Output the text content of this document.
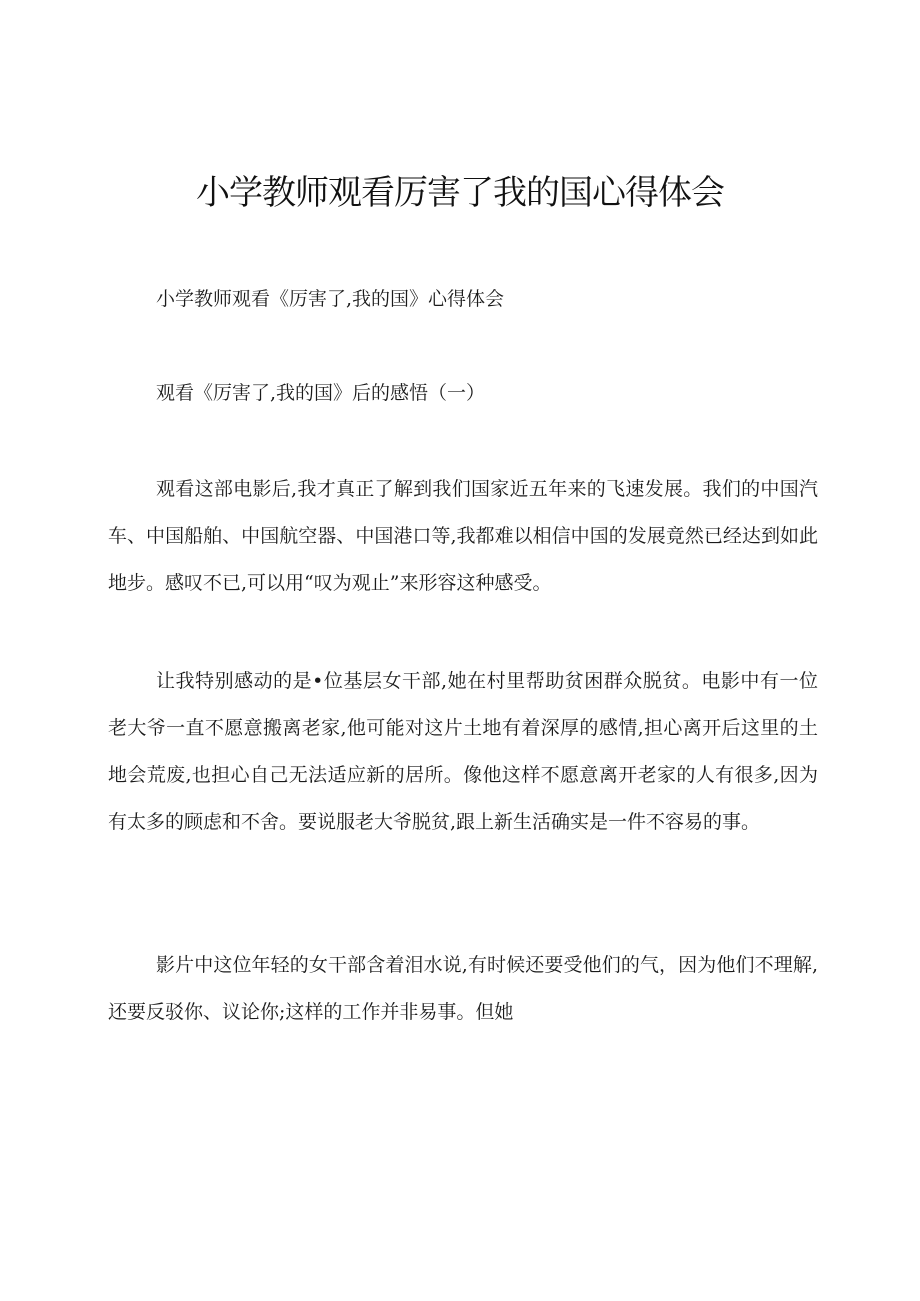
小学教师观看厉害了我的国心得体会

小学教师观看《厉害了,我的国》心得体会

观看《厉害了,我的国》后的感悟（一）

观看这部电影后,我才真正了解到我们国家近五年来的飞速发展。我们的中国汽车、中国船舶、中国航空器、中国港口等,我都难以相信中国的发展竟然已经达到如此地步。感叹不已,可以用“叹为观止”来形容这种感受。

让我特别感动的是•位基层女干部,她在村里帮助贫困群众脱贫。电影中有一位老大爷一直不愿意搬离老家,他可能对这片土地有着深厚的感情,担心离开后这里的土地会荒废,也担心自己无法适应新的居所。像他这样不愿意离开老家的人有很多,因为有太多的顾虑和不舍。要说服老大爷脱贫,跟上新生活确实是一件不容易的事。

影片中这位年轻的女干部含着泪水说,有时候还要受他们的气，因为他们不理解,还要反驳你、议论你;这样的工作并非易事。但她
